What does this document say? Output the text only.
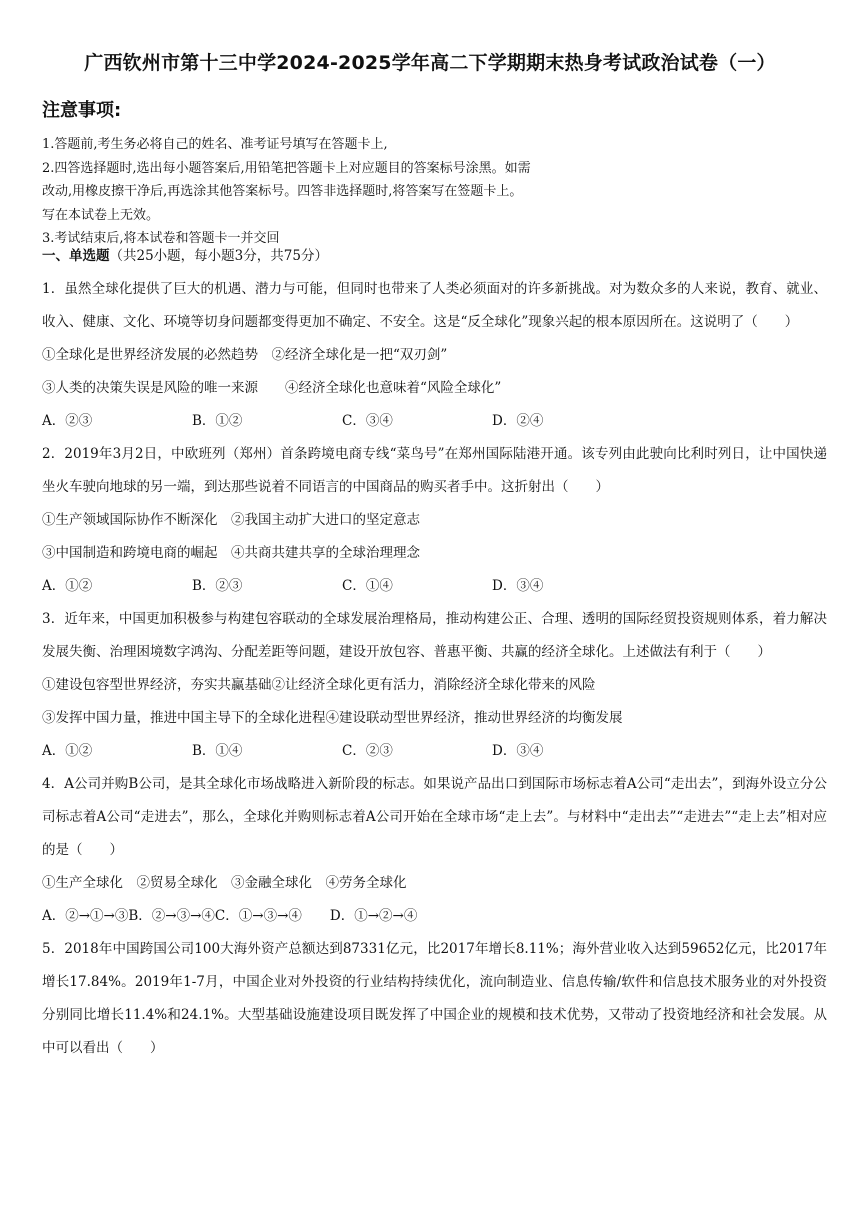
广西钦州市第十三中学2024-2025学年高二下学期期末热身考试政治试卷（一）
注意事项:
1.答题前,考生务必将自己的姓名、准考证号填写在答题卡上,
2.四答选择题时,选出每小题答案后,用铅笔把答题卡上对应题目的答案标号涂黑。如需
改动,用橡皮擦干净后,再选涂其他答案标号。四答非选择题时,将答案写在签题卡上。
写在本试卷上无效。
3.考试结束后,将本试卷和答题卡一并交回
一、单选题（共25小题，每小题3分，共75分）
1．虽然全球化提供了巨大的机遇、潜力与可能，但同时也带来了人类必须面对的许多新挑战。对为数众多的人来说，教育、就业、收入、健康、文化、环境等切身问题都变得更加不确定、不安全。这是“反全球化”现象兴起的根本原因所在。这说明了（　　）
①全球化是世界经济发展的必然趋势　②经济全球化是一把“双刃剑”
③人类的决策失误是风险的唯一来源　　④经济全球化也意味着“风险全球化”
A．②③	B．①②	C．③④	D．②④
2．2019年3月2日，中欧班列（郑州）首条跨境电商专线“菜鸟号”在郑州国际陆港开通。该专列由此驶向比利时列日，让中国快递坐火车驶向地球的另一端，到达那些说着不同语言的中国商品的购买者手中。这折射出（　　）
①生产领域国际协作不断深化　②我国主动扩大进口的坚定意志
③中国制造和跨境电商的崛起　④共商共建共享的全球治理理念
A．①②	B．②③	C．①④	D．③④
3．近年来，中国更加积极参与构建包容联动的全球发展治理格局，推动构建公正、合理、透明的国际经贸投资规则体系，着力解决发展失衡、治理困境数字鸿沟、分配差距等问题，建设开放包容、普惠平衡、共赢的经济全球化。上述做法有利于（　　）
①建设包容型世界经济，夯实共赢基础②让经济全球化更有活力，消除经济全球化带来的风险
③发挥中国力量，推进中国主导下的全球化进程④建设联动型世界经济，推动世界经济的均衡发展
A．①②	B．①④	C．②③	D．③④
4．A公司并购B公司，是其全球化市场战略进入新阶段的标志。如果说产品出口到国际市场标志着A公司“走出去”，到海外设立分公司标志着A公司“走进去”，那么，全球化并购则标志着A公司开始在全球市场“走上去”。与材料中“走出去”“走进去”“走上去”相对应的是（　　）
①生产全球化　②贸易全球化　③金融全球化　④劳务全球化
A．②→①→③ B．②→③→④ C．①→③→④ D．①→②→④
5．2018年中国跨国公司100大海外资产总额达到87331亿元，比2017年增长8.11%；海外营业收入达到59652亿元，比2017年增长17.84%。2019年1-7月，中国企业对外投资的行业结构持续优化，流向制造业、信息传输/软件和信息技术服务业的对外投资分别同比增长11.4%和24.1%。大型基础设施建设项目既发挥了中国企业的规模和技术优势，又带动了投资地经济和社会发展。从中可以看出（　　）
